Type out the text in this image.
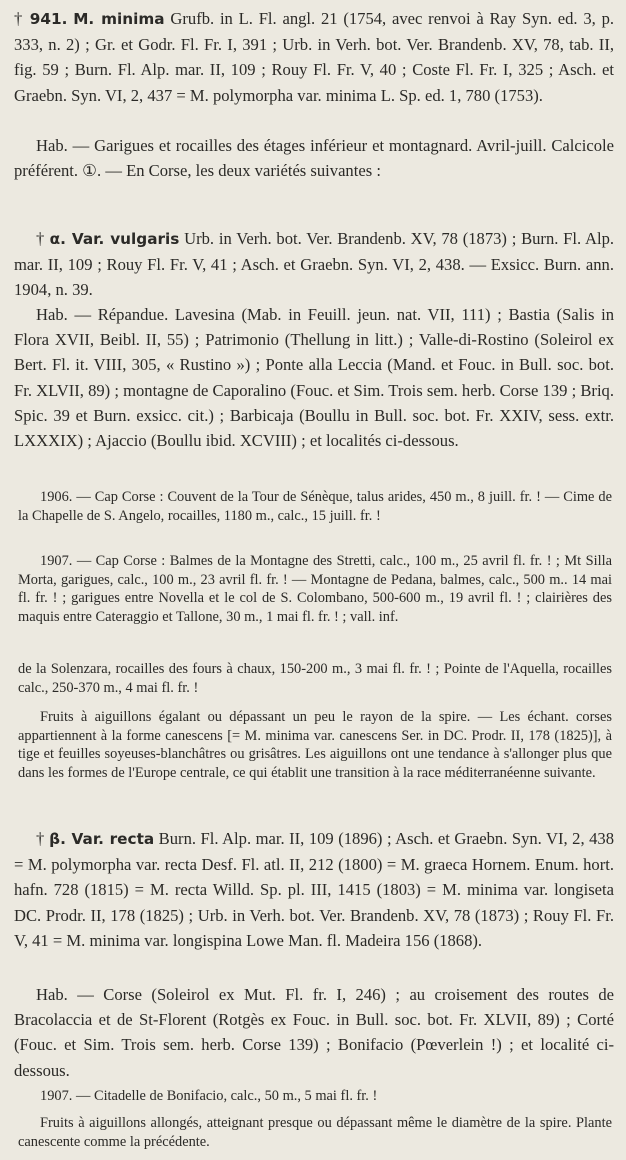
† 941. M. minima Grufb. in L. Fl. angl. 21 (1754, avec renvoi à Ray Syn. ed. 3, p. 333, n. 2) ; Gr. et Godr. Fl. Fr. I, 391 ; Urb. in Verh. bot. Ver. Brandenb. XV, 78, tab. II, fig. 59 ; Burn. Fl. Alp. mar. II, 109 ; Rouy Fl. Fr. V, 40 ; Coste Fl. Fr. I, 325 ; Asch. et Graebn. Syn. VI, 2, 437 = M. polymorpha var. minima L. Sp. ed. 1, 780 (1753).
Hab. — Garigues et rocailles des étages inférieur et montagnard. Avril-juill. Calcicole préférent. ①. — En Corse, les deux variétés suivantes :
† α. Var. vulgaris Urb. in Verh. bot. Ver. Brandenb. XV, 78 (1873) ; Burn. Fl. Alp. mar. II, 109 ; Rouy Fl. Fr. V, 41 ; Asch. et Graebn. Syn. VI, 2, 438. — Exsicc. Burn. ann. 1904, n. 39.
Hab. — Répandue. Lavesina (Mab. in Feuill. jeun. nat. VII, 111) ; Bastia (Salis in Flora XVII, Beibl. II, 55) ; Patrimonio (Thellung in litt.) ; Valle-di-Rostino (Soleirol ex Bert. Fl. it. VIII, 305, « Rustino ») ; Ponte alla Leccia (Mand. et Fouc. in Bull. soc. bot. Fr. XLVII, 89) ; montagne de Caporalino (Fouc. et Sim. Trois sem. herb. Corse 139 ; Briq. Spic. 39 et Burn. exsicc. cit.) ; Barbicaja (Boullu in Bull. soc. bot. Fr. XXIV, sess. extr. LXXXIX) ; Ajaccio (Boullu ibid. XCVIII) ; et localités ci-dessous.
1906. — Cap Corse : Couvent de la Tour de Sénèque, talus arides, 450 m., 8 juill. fr. ! — Cime de la Chapelle de S. Angelo, rocailles, 1180 m., calc., 15 juill. fr. !
1907. — Cap Corse : Balmes de la Montagne des Stretti, calc., 100 m., 25 avril fl. fr. ! ; Mt Silla Morta, garigues, calc., 100 m., 23 avril fl. fr. ! — Montagne de Pedana, balmes, calc., 500 m.. 14 mai fl. fr. ! ; garigues entre Novella et le col de S. Colombano, 500-600 m., 19 avril fl. ! ; clairières des maquis entre Cateraggio et Tallone, 30 m., 1 mai fl. fr. ! ; vall. inf.
de la Solenzara, rocailles des fours à chaux, 150-200 m., 3 mai fl. fr. ! ; Pointe de l'Aquella, rocailles calc., 250-370 m., 4 mai fl. fr. !
Fruits à aiguillons égalant ou dépassant un peu le rayon de la spire. — Les échant. corses appartiennent à la forme canescens [= M. minima var. canescens Ser. in DC. Prodr. II, 178 (1825)], à tige et feuilles soyeuses-blanchâtres ou grisâtres. Les aiguillons ont une tendance à s'allonger plus que dans les formes de l'Europe centrale, ce qui établit une transition à la race méditerranéenne suivante.
† β. Var. recta Burn. Fl. Alp. mar. II, 109 (1896) ; Asch. et Graebn. Syn. VI, 2, 438 = M. polymorpha var. recta Desf. Fl. atl. II, 212 (1800) = M. graeca Hornem. Enum. hort. hafn. 728 (1815) = M. recta Willd. Sp. pl. III, 1415 (1803) = M. minima var. longiseta DC. Prodr. II, 178 (1825) ; Urb. in Verh. bot. Ver. Brandenb. XV, 78 (1873) ; Rouy Fl. Fr. V, 41 = M. minima var. longispina Lowe Man. fl. Madeira 156 (1868).
Hab. — Corse (Soleirol ex Mut. Fl. fr. I, 246) ; au croisement des routes de Bracolaccia et de St-Florent (Rotgès ex Fouc. in Bull. soc. bot. Fr. XLVII, 89) ; Corté (Fouc. et Sim. Trois sem. herb. Corse 139) ; Bonifacio (Pœverlein !) ; et localité ci-dessous.
1907. — Citadelle de Bonifacio, calc., 50 m., 5 mai fl. fr. !
Fruits à aiguillons allongés, atteignant presque ou dépassant même le diamètre de la spire. Plante canescente comme la précédente.
